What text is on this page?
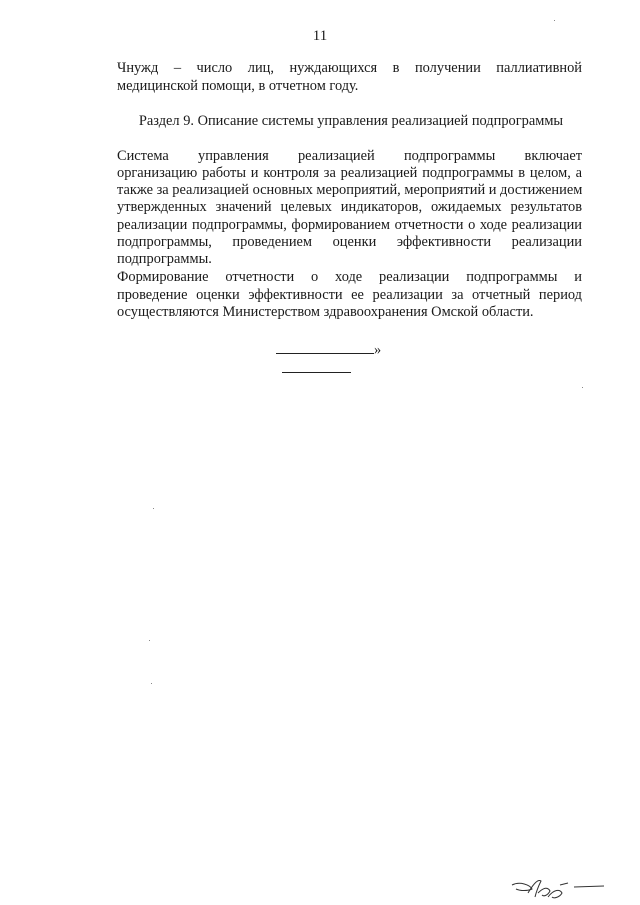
11
Чнужд – число лиц, нуждающихся в получении паллиативной
медицинской помощи, в отчетном году.
Раздел 9. Описание системы управления реализацией подпрограммы
Система управления реализацией подпрограммы включает
организацию работы и контроля за реализацией подпрограммы в целом, а
также за реализацией основных мероприятий, мероприятий и достижением
утвержденных значений целевых индикаторов, ожидаемых результатов
реализации подпрограммы, формированием отчетности о ходе реализации
подпрограммы, проведением оценки эффективности реализации
подпрограммы.
Формирование отчетности о ходе реализации подпрограммы и
проведение оценки эффективности ее реализации за отчетный период
осуществляются Министерством здравоохранения Омской области.
»
